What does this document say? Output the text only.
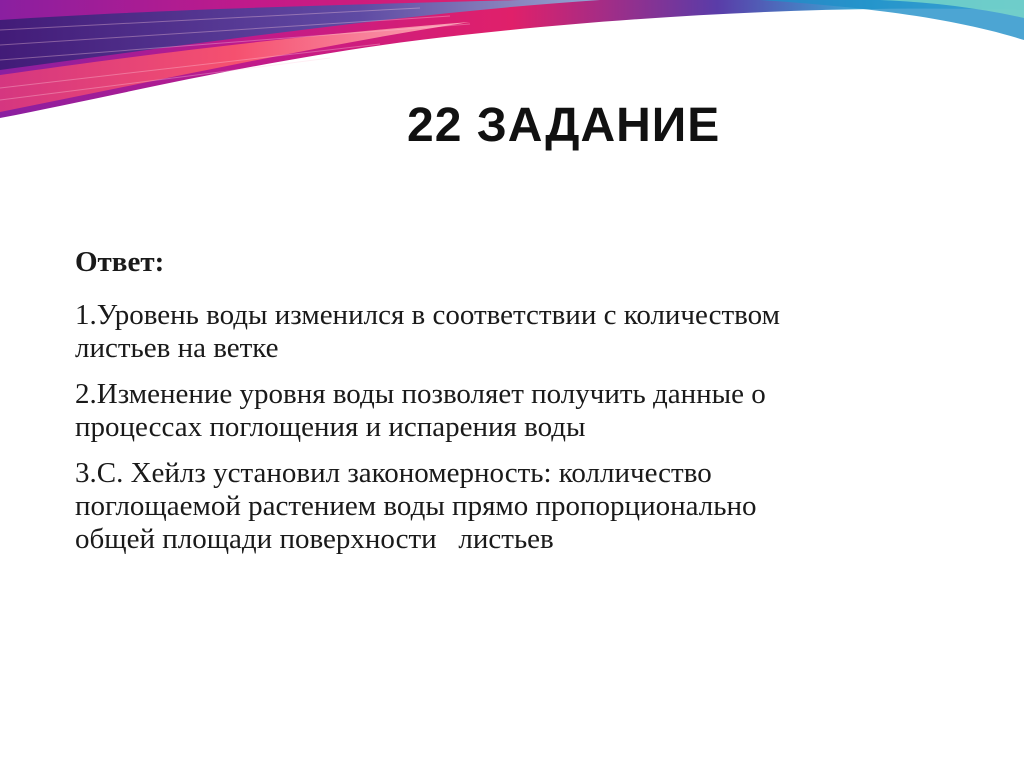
22 ЗАДАНИЕ
Ответ:
1.Уровень воды изменился в соответствии с количеством
листьев на ветке
2.Изменение уровня воды позволяет получить данные о
процессах поглощения и испарения воды
3.С. Хейлз установил закономерность: колличество
поглощаемой растением воды прямо пропорционально
общей площади поверхности   листьев
